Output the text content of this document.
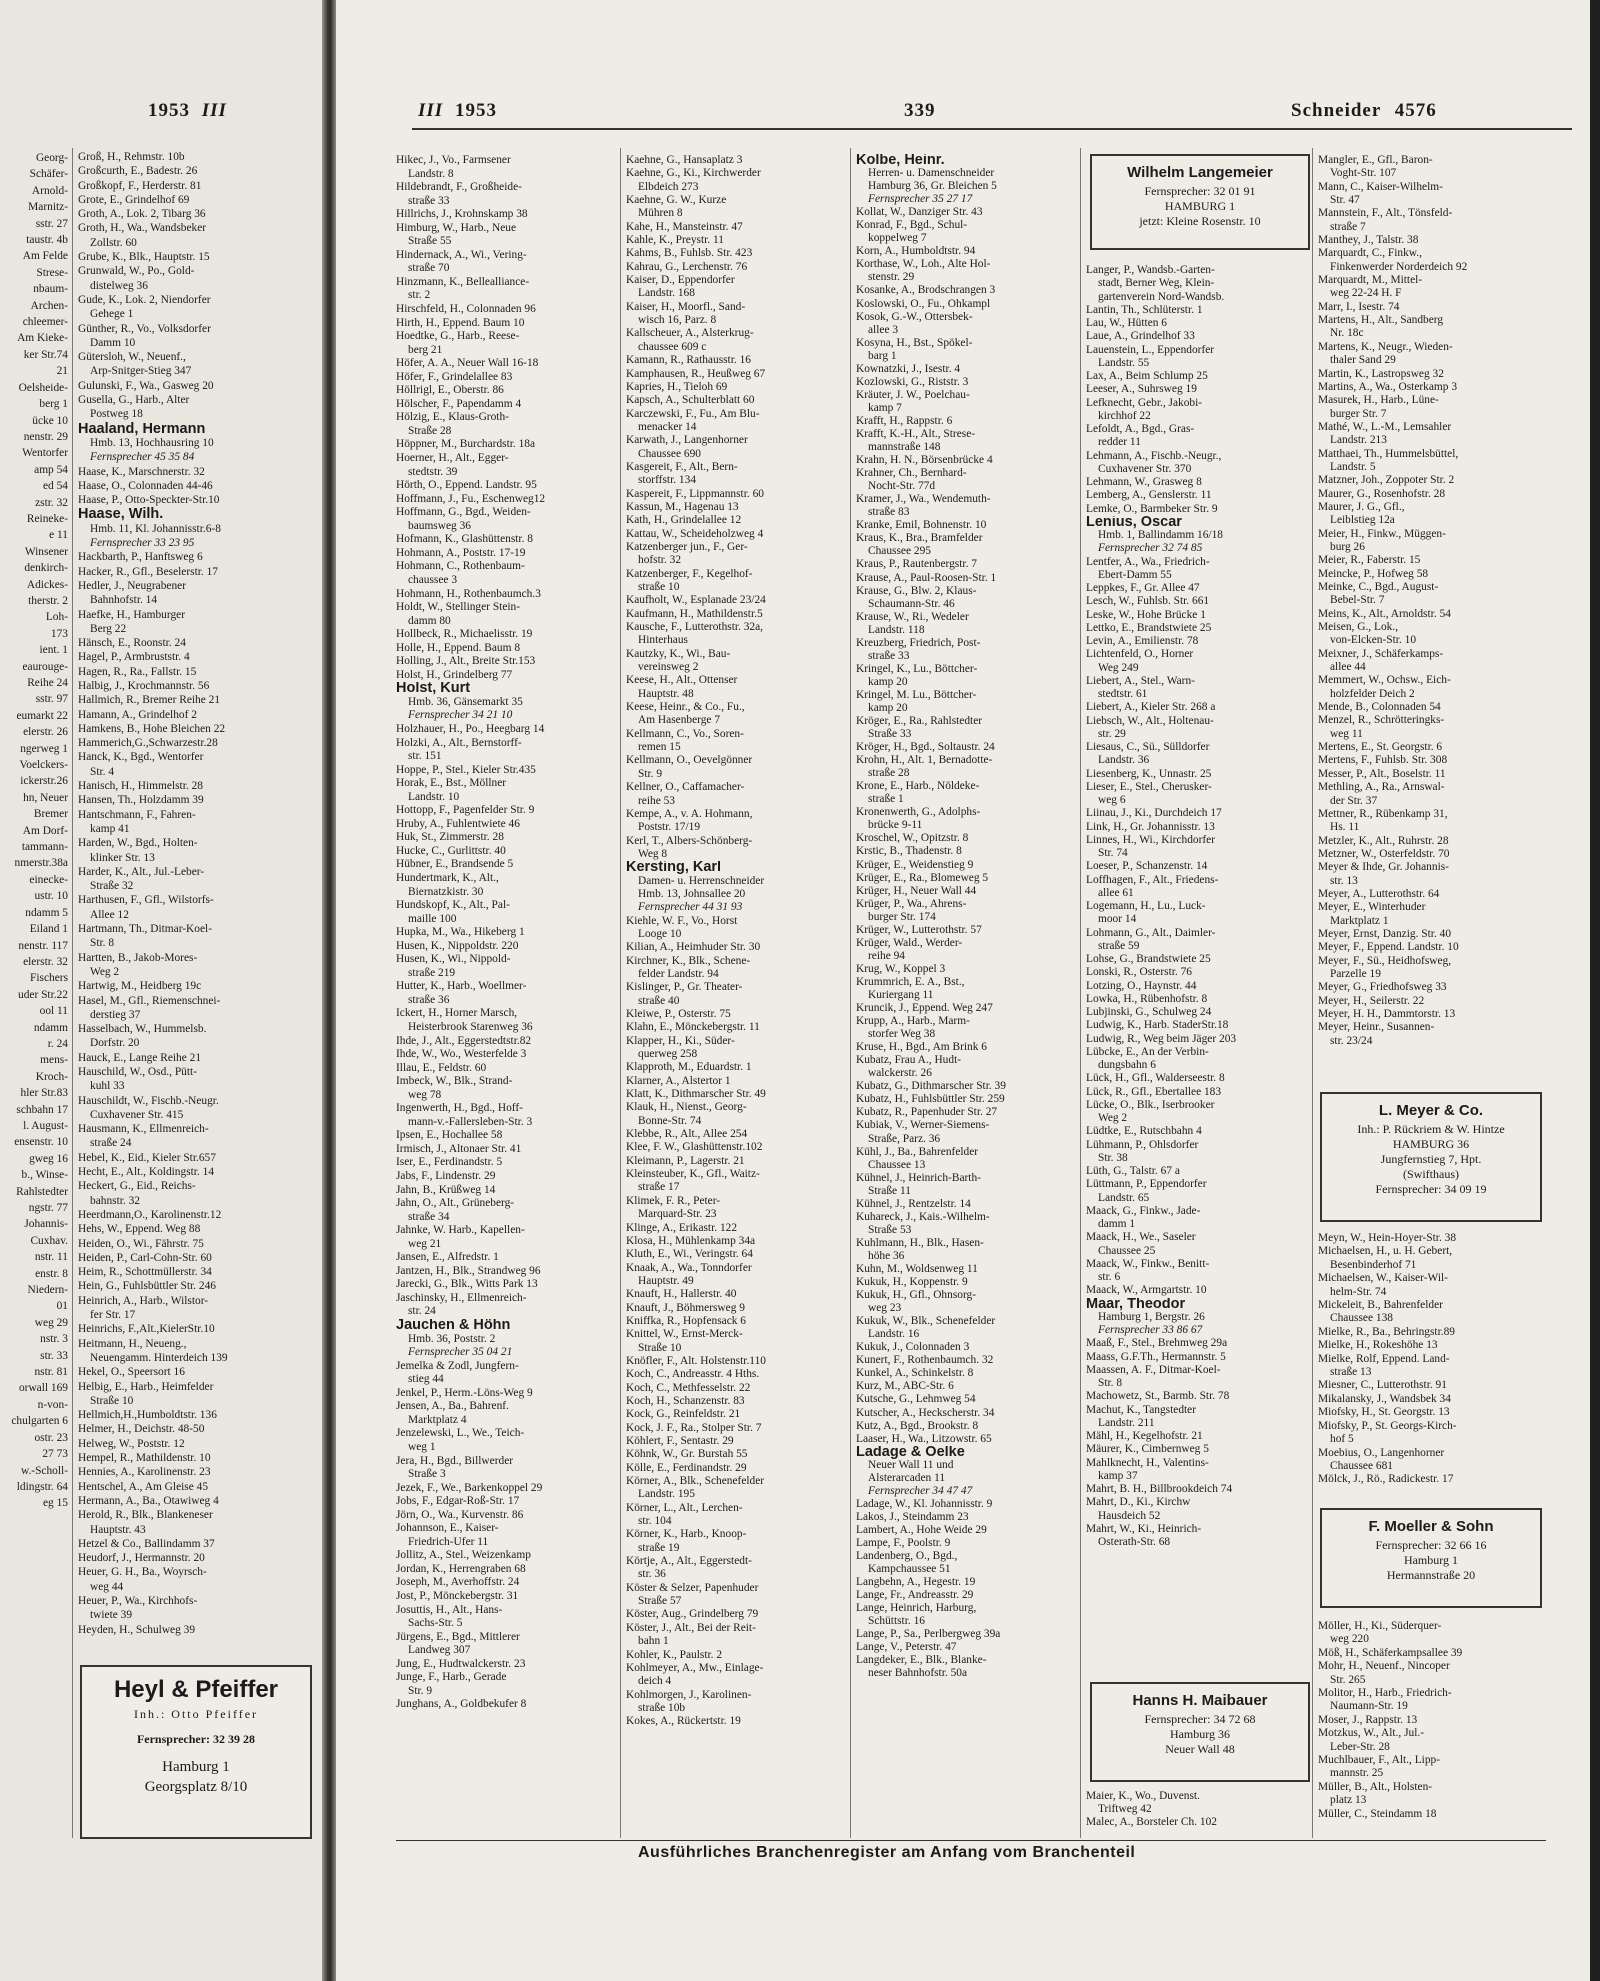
1953 III
Georg-
Schäfer-
Arnold-
Marnitz-
sstr. 27
taustr. 4b
Am Felde
Strese-
nbaum-
Archen-
chleemer-
Am Kieke-
ker Str.74
21
Oelsheide-
berg 1
ücke 10
nenstr. 29
Wentorfer
amp 54
ed 54
zstr. 32
Reineke-
e 11
Winsener
denkirch-
Adickes-
therstr. 2
Loh-
173
ient. 1
eaurouge-
Reihe 24
sstr. 97
eumarkt 22
elerstr. 26
ngerweg 1
Voelckers-
ickerstr.26
hn, Neuer
Bremer
Am Dorf-
tammann-
nmerstr.38a
einecke-
ustr. 10
ndamm 5
Eiland 1
nenstr. 117
elerstr. 32
Fischers
uder Str.22
ool 11
ndamm
r. 24
mens-
Kroch-
hler Str.83
schbahn 17
l. August-
ensenstr. 10
gweg 16
b., Winse-
Rahlstedter
ngstr. 77
Johannis-
Cuxhav.
nstr. 11
enstr. 8
Niedern-
01
weg 29
nstr. 3
str. 33
nstr. 81
orwall 169
n-von-
chulgarten 6
ostr. 23
27 73
w.-Scholl-
ldingstr. 64
eg 15
Groß, H., Rehmstr. 10b
Großcurth, E., Badestr. 26
Großkopf, F., Herderstr. 81
Grote, E., Grindelhof 69
Groth, A., Lok. 2, Tibarg 36
Groth, H., Wa., Wandsbeker
Zollstr. 60
Grube, K., Blk., Hauptstr. 15
Grunwald, W., Po., Gold-
distelweg 36
Gude, K., Lok. 2, Niendorfer
Gehege 1
Günther, R., Vo., Volksdorfer
Damm 10
Gütersloh, W., Neuenf.,
Arp-Snitger-Stieg 347
Gulunski, F., Wa., Gasweg 20
Gusella, G., Harb., Alter
Postweg 18
Haaland, Hermann
Hmb. 13, Hochhausring 10
Fernsprecher 45 35 84
Haase, K., Marschnerstr. 32
Haase, O., Colonnaden 44-46
Haase, P., Otto-Speckter-Str.10
Haase, Wilh.
Hmb. 11, Kl. Johannisstr.6-8
Fernsprecher 33 23 95
Hackbarth, P., Hanftsweg 6
Hacker, R., Gfl., Beselerstr. 17
Hedler, J., Neugrabener
Bahnhofstr. 14
Haefke, H., Hamburger
Berg 22
Hänsch, E., Roonstr. 24
Hagel, P., Armbruststr. 4
Hagen, R., Ra., Fallstr. 15
Halbig, J., Krochmannstr. 56
Hallmich, R., Bremer Reihe 21
Hamann, A., Grindelhof 2
Hamkens, B., Hohe Bleichen 22
Hammerich,G.,Schwarzestr.28
Hanck, K., Bgd., Wentorfer
Str. 4
Hanisch, H., Himmelstr. 28
Hansen, Th., Holzdamm 39
Hantschmann, F., Fahren-
kamp 41
Harden, W., Bgd., Holten-
klinker Str. 13
Harder, K., Alt., Jul.-Leber-
Straße 32
Harthusen, F., Gfl., Wilstorfs-
Allee 12
Hartmann, Th., Ditmar-Koel-
Str. 8
Hartten, B., Jakob-Mores-
Weg 2
Hartwig, M., Heidberg 19c
Hasel, M., Gfl., Riemenschnei-
derstieg 37
Hasselbach, W., Hummelsb.
Dorfstr. 20
Hauck, E., Lange Reihe 21
Hauschild, W., Osd., Pütt-
kuhl 33
Hauschildt, W., Fischb.-Neugr.
Cuxhavener Str. 415
Hausmann, K., Ellmenreich-
straße 24
Hebel, K., Eid., Kieler Str.657
Hecht, E., Alt., Koldingstr. 14
Heckert, G., Eid., Reichs-
bahnstr. 32
Heerdmann,O., Karolinenstr.12
Hehs, W., Eppend. Weg 88
Heiden, O., Wi., Fährstr. 75
Heiden, P., Carl-Cohn-Str. 60
Heim, R., Schottmüllerstr. 34
Hein, G., Fuhlsbüttler Str. 246
Heinrich, A., Harb., Wilstor-
fer Str. 17
Heinrichs, F.,Alt.,KielerStr.10
Heitmann, H., Neueng.,
Neuengamm. Hinterdeich 139
Hekel, O., Speersort 16
Helbig, E., Harb., Heimfelder
Straße 10
Hellmich,H.,Humboldtstr. 136
Helmer, H., Deichstr. 48-50
Helweg, W., Poststr. 12
Hempel, R., Mathildenstr. 10
Hennies, A., Karolinenstr. 23
Hentschel, A., Am Gleise 45
Hermann, A., Ba., Otawiweg 4
Herold, R., Blk., Blankeneser
Hauptstr. 43
Hetzel & Co., Ballindamm 37
Heudorf, J., Hermannstr. 20
Heuer, G. H., Ba., Woyrsch-
weg 44
Heuer, P., Wa., Kirchhofs-
twiete 39
Heyden, H., Schulweg 39
Heyl & Pfeiffer
Inh.: Otto Pfeiffer
Fernsprecher: 32 39 28
Hamburg 1
Georgsplatz 8/10
III 1953	339	Schneider 4576
Hikec, J., Vo., Farmsener
Landstr. 8
Hildebrandt, F., Großheide-
straße 33
Hillrichs, J., Krohnskamp 38
Himburg, W., Harb., Neue
Straße 55
Hindernack, A., Wi., Vering-
straße 70
Hinzmann, K., Bellealliance-
str. 2
Hirschfeld, H., Colonnaden 96
Hirth, H., Eppend. Baum 10
Hoedtke, G., Harb., Reese-
berg 21
Höfer, A. A., Neuer Wall 16-18
Höfer, F., Grindelallee 83
Höllrigl, E., Oberstr. 86
Hölscher, F., Papendamm 4
Hölzig, E., Klaus-Groth-
Straße 28
Höppner, M., Burchardstr. 18a
Hoerner, H., Alt., Egger-
stedtstr. 39
Hörth, O., Eppend. Landstr. 95
Hoffmann, J., Fu., Eschenweg12
Hoffmann, G., Bgd., Weiden-
baumsweg 36
Hofmann, K., Glashüttenstr. 8
Hohmann, A., Poststr. 17-19
Hohmann, C., Rothenbaum-
chaussee 3
Hohmann, H., Rothenbaumch.3
Holdt, W., Stellinger Stein-
damm 80
Hollbeck, R., Michaelisstr. 19
Holle, H., Eppend. Baum 8
Holling, J., Alt., Breite Str.153
Holst, H., Grindelberg 77
Holst, Kurt
Hmb. 36, Gänsemarkt 35
Fernsprecher 34 21 10
Holzhauer, H., Po., Heegbarg 14
Holzki, A., Alt., Bernstorff-
str. 151
Hoppe, P., Stel., Kieler Str.435
Horak, E., Bst., Möllner
Landstr. 10
Hottopp, F., Pagenfelder Str. 9
Hruby, A., Fuhlentwiete 46
Huk, St., Zimmerstr. 28
Hucke, C., Gurlittstr. 40
Hübner, E., Brandsende 5
Hundertmark, K., Alt.,
Biernatzkistr. 30
Hundskopf, K., Alt., Pal-
maille 100
Hupka, M., Wa., Hikeberg 1
Husen, K., Nippoldstr. 220
Husen, K., Wi., Nippold-
straße 219
Hutter, K., Harb., Woellmer-
straße 36
Ickert, H., Horner Marsch,
Heisterbrook Starenweg 36
Ihde, J., Alt., Eggerstedtstr.82
Ihde, W., Wo., Westerfelde 3
Illau, E., Feldstr. 60
Imbeck, W., Blk., Strand-
weg 78
Ingenwerth, H., Bgd., Hoff-
mann-v.-Fallersleben-Str. 3
Ipsen, E., Hochallee 58
Irmisch, J., Altonaer Str. 41
Iser, E., Ferdinandstr. 5
Jabs, F., Lindenstr. 29
Jahn, B., Krüßweg 14
Jahn, O., Alt., Grüneberg-
straße 34
Jahnke, W. Harb., Kapellen-
weg 21
Jansen, E., Alfredstr. 1
Jantzen, H., Blk., Strandweg 96
Jarecki, G., Blk., Witts Park 13
Jaschinsky, H., Ellmenreich-
str. 24
Jauchen & Höhn
Hmb. 36, Poststr. 2
Fernsprecher 35 04 21
Jemelka & Zodl, Jungfern-
stieg 44
Jenkel, P., Herm.-Löns-Weg 9
Jensen, A., Ba., Bahrenf.
Marktplatz 4
Jenzelewski, L., We., Teich-
weg 1
Jera, H., Bgd., Billwerder
Straße 3
Jezek, F., We., Barkenkoppel 29
Jobs, F., Edgar-Roß-Str. 17
Jörn, O., Wa., Kurvenstr. 86
Johannson, E., Kaiser-
Friedrich-Ufer 11
Jollitz, A., Stel., Weizenkamp
Jordan, K., Herrengraben 68
Joseph, M., Averhoffstr. 24
Jost, P., Mönckebergstr. 31
Josuttis, H., Alt., Hans-
Sachs-Str. 5
Jürgens, E., Bgd., Mittlerer
Landweg 307
Jung, E., Hudtwalckerstr. 23
Junge, F., Harb., Gerade
Str. 9
Junghans, A., Goldbekufer 8
Kaehne, G., Hansaplatz 3
Kaehne, G., Ki., Kirchwerder
Elbdeich 273
Kaehne, G. W., Kurze
Mühren 8
Kahe, H., Mansteinstr. 47
Kahle, K., Preystr. 11
Kahms, B., Fuhlsb. Str. 423
Kahrau, G., Lerchenstr. 76
Kaiser, D., Eppendorfer
Landstr. 168
Kaiser, H., Moorfl., Sand-
wisch 16, Parz. 8
Kallscheuer, A., Alsterkrug-
chaussee 609 c
Kamann, R., Rathausstr. 16
Kamphausen, R., Heußweg 67
Kapries, H., Tieloh 69
Kapsch, A., Schulterblatt 60
Karczewski, F., Fu., Am Blu-
menacker 14
Karwath, J., Langenhorner
Chaussee 690
Kasgereit, F., Alt., Bern-
storffstr. 134
Kaspereit, F., Lippmannstr. 60
Kassun, M., Hagenau 13
Kath, H., Grindelallee 12
Kattau, W., Scheideholzweg 4
Katzenberger jun., F., Ger-
hofstr. 32
Katzenberger, F., Kegelhof-
straße 10
Kaufholt, W., Esplanade 23/24
Kaufmann, H., Mathildenstr.5
Kausche, F., Lutterothstr. 32a,
Hinterhaus
Kautzky, K., Wi., Bau-
vereinsweg 2
Keese, H., Alt., Ottenser
Hauptstr. 48
Keese, Heinr., & Co., Fu.,
Am Hasenberge 7
Kellmann, C., Vo., Soren-
remen 15
Kellmann, O., Oevelgönner
Str. 9
Kellner, O., Caffamacher-
reihe 53
Kempe, A., v. A. Hohmann,
Poststr. 17/19
Kerl, T., Albers-Schönberg-
Weg 8
Kersting, Karl
Damen- u. Herrenschneider
Hmb. 13, Johnsallee 20
Fernsprecher 44 31 93
Kiehle, W. F., Vo., Horst
Looge 10
Kilian, A., Heimhuder Str. 30
Kirchner, K., Blk., Schene-
felder Landstr. 94
Kislinger, P., Gr. Theater-
straße 40
Kleiwe, P., Osterstr. 75
Klahn, E., Mönckebergstr. 11
Klapper, H., Ki., Süder-
querweg 258
Klapproth, M., Eduardstr. 1
Klarner, A., Alstertor 1
Klatt, K., Dithmarscher Str. 49
Klauk, H., Nienst., Georg-
Bonne-Str. 74
Klebbe, R., Alt., Allee 254
Klee, F. W., Glashüttenstr.102
Kleimann, P., Lagerstr. 21
Kleinsteuber, K., Gfl., Waitz-
straße 17
Klimek, F. R., Peter-
Marquard-Str. 23
Klinge, A., Erikastr. 122
Klosa, H., Mühlenkamp 34a
Kluth, E., Wi., Veringstr. 64
Knaak, A., Wa., Tonndorfer
Hauptstr. 49
Knauft, H., Hallerstr. 40
Knauft, J., Böhmersweg 9
Kniffka, R., Hopfensack 6
Knittel, W., Ernst-Merck-
Straße 10
Knöfler, F., Alt. Holstenstr.110
Koch, C., Andreasstr. 4 Hths.
Koch, C., Methfesselstr. 22
Koch, H., Schanzenstr. 83
Kock, G., Reinfeldstr. 21
Kock, J. F., Ra., Stolper Str. 7
Köhlert, F., Sentastr. 29
Köhnk, W., Gr. Burstah 55
Kölle, E., Ferdinandstr. 29
Körner, A., Blk., Schenefelder
Landstr. 195
Körner, L., Alt., Lerchen-
str. 104
Körner, K., Harb., Knoop-
straße 19
Körtje, A., Alt., Eggerstedt-
str. 36
Köster & Selzer, Papenhuder
Straße 57
Köster, Aug., Grindelberg 79
Köster, J., Alt., Bei der Reit-
bahn 1
Kohler, K., Paulstr. 2
Kohlmeyer, A., Mw., Einlage-
deich 4
Kohlmorgen, J., Karolinen-
straße 10b
Kokes, A., Rückertstr. 19
Kolbe, Heinr.
Herren- u. Damenschneider
Hamburg 36, Gr. Bleichen 5
Fernsprecher 35 27 17
Kollat, W., Danziger Str. 43
Konrad, F., Bgd., Schul-
koppelweg 7
Korn, A., Humboldtstr. 94
Korthase, W., Loh., Alte Hol-
stenstr. 29
Kosanke, A., Brodschrangen 3
Koslowski, O., Fu., Ohkampl
Kosok, G.-W., Ottersbek-
allee 3
Kosyna, H., Bst., Spökel-
barg 1
Kownatzki, J., Isestr. 4
Kozlowski, G., Riststr. 3
Kräuter, J. W., Poelchau-
kamp 7
Krafft, H., Rappstr. 6
Krafft, K.-H., Alt., Strese-
mannstraße 148
Krahn, H. N., Börsenbrücke 4
Krahner, Ch., Bernhard-
Nocht-Str. 77d
Kramer, J., Wa., Wendemuth-
straße 83
Kranke, Emil, Bohnenstr. 10
Kraus, K., Bra., Bramfelder
Chaussee 295
Kraus, P., Rautenbergstr. 7
Krause, A., Paul-Roosen-Str. 1
Krause, G., Blw. 2, Klaus-
Schaumann-Str. 46
Krause, W., Ri., Wedeler
Landstr. 118
Kreuzberg, Friedrich, Post-
straße 33
Kringel, K., Lu., Böttcher-
kamp 20
Kringel, M. Lu., Böttcher-
kamp 20
Kröger, E., Ra., Rahlstedter
Straße 33
Kröger, H., Bgd., Soltaustr. 24
Krohn, H., Alt. 1, Bernadotte-
straße 28
Krone, E., Harb., Nöldeke-
straße 1
Kronenwerth, G., Adolphs-
brücke 9-11
Kroschel, W., Opitzstr. 8
Krstic, B., Thadenstr. 8
Krüger, E., Weidenstieg 9
Krüger, E., Ra., Blomeweg 5
Krüger, H., Neuer Wall 44
Krüger, P., Wa., Ahrens-
burger Str. 174
Krüger, W., Lutterothstr. 57
Krüger, Wald., Werder-
reihe 94
Krug, W., Koppel 3
Krummrich, E. A., Bst.,
Kuriergang 11
Kruncik, J., Eppend. Weg 247
Krupp, A., Harb., Marm-
storfer Weg 38
Kruse, H., Bgd., Am Brink 6
Kubatz, Frau A., Hudt-
walckerstr. 26
Kubatz, G., Dithmarscher Str. 39
Kubatz, H., Fuhlsbüttler Str. 259
Kubatz, R., Papenhuder Str. 27
Kubiak, V., Werner-Siemens-
Straße, Parz. 36
Kühl, J., Ba., Bahrenfelder
Chaussee 13
Kühnel, J., Heinrich-Barth-
Straße 11
Kühnel, J., Rentzelstr. 14
Kuhareck, J., Kais.-Wilhelm-
Straße 53
Kuhlmann, H., Blk., Hasen-
höhe 36
Kuhn, M., Woldsenweg 11
Kukuk, H., Koppenstr. 9
Kukuk, H., Gfl., Ohnsorg-
weg 23
Kukuk, W., Blk., Schenefelder
Landstr. 16
Kukuk, J., Colonnaden 3
Kunert, F., Rothenbaumch. 32
Kunkel, A., Schinkelstr. 8
Kurz, M., ABC-Str. 6
Kutsche, G., Lehmweg 54
Kutscher, A., Heckscherstr. 34
Kutz, A., Bgd., Brookstr. 8
Laaser, H., Wa., Litzowstr. 65
Ladage & Oelke
Neuer Wall 11 und
Alsterarcaden 11
Fernsprecher 34 47 47
Ladage, W., Kl. Johannisstr. 9
Lakos, J., Steindamm 23
Lambert, A., Hohe Weide 29
Lampe, F., Poolstr. 9
Landenberg, O., Bgd.,
Kampchaussee 51
Langbehn, A., Hegestr. 19
Lange, Fr., Andreasstr. 29
Lange, Heinrich, Harburg,
Schüttstr. 16
Lange, P., Sa., Perlbergweg 39a
Lange, V., Peterstr. 47
Langdeker, E., Blk., Blanke-
neser Bahnhofstr. 50a
Wilhelm Langemeier
Fernsprecher: 32 01 91
HAMBURG 1
jetzt: Kleine Rosenstr. 10
Langer, P., Wandsb.-Garten-
stadt, Berner Weg, Klein-
gartenverein Nord-Wandsb.
Lantin, Th., Schlüterstr. 1
Lau, W., Hütten 6
Laue, A., Grindelhof 33
Lauenstein, L., Eppendorfer
Landstr. 55
Lax, A., Beim Schlump 25
Leeser, A., Suhrsweg 19
Lefknecht, Gebr., Jakobi-
kirchhof 22
Lefoldt, A., Bgd., Gras-
redder 11
Lehmann, A., Fischb.-Neugr.,
Cuxhavener Str. 370
Lehmann, W., Grasweg 8
Lemberg, A., Genslerstr. 11
Lemke, O., Barmbeker Str. 9
Lenius, Oscar
Hmb. 1, Ballindamm 16/18
Fernsprecher 32 74 85
Lentfer, A., Wa., Friedrich-
Ebert-Damm 55
Leppkes, F., Gr. Allee 47
Lesch, W., Fuhlsb. Str. 661
Leske, W., Hohe Brücke 1
Lettko, E., Brandstwiete 25
Levin, A., Emilienstr. 78
Lichtenfeld, O., Horner
Weg 249
Liebert, A., Stel., Warn-
stedtstr. 61
Liebert, A., Kieler Str. 268 a
Liebsch, W., Alt., Holtenau-
str. 29
Liesaus, C., Sü., Sülldorfer
Landstr. 36
Liesenberg, K., Unnastr. 25
Lieser, E., Stel., Cherusker-
weg 6
Liinau, J., Ki., Durchdeich 17
Link, H., Gr. Johannisstr. 13
Linnes, H., Wi., Kirchdorfer
Str. 74
Loeser, P., Schanzenstr. 14
Loffhagen, F., Alt., Friedens-
allee 61
Logemann, H., Lu., Luck-
moor 14
Lohmann, G., Alt., Daimler-
straße 59
Lohse, G., Brandstwiete 25
Lonski, R., Osterstr. 76
Lotzing, O., Haynstr. 44
Lowka, H., Rübenhofstr. 8
Lubjinski, G., Schulweg 24
Ludwig, K., Harb. StaderStr.18
Ludwig, R., Weg beim Jäger 203
Lübcke, E., An der Verbin-
dungsbahn 6
Lück, H., Gfl., Walderseestr. 8
Lück, R., Gfl., Ebertallee 183
Lücke, O., Blk., Iserbrooker
Weg 2
Lüdtke, E., Rutschbahn 4
Lühmann, P., Ohlsdorfer
Str. 38
Lüth, G., Talstr. 67 a
Lüttmann, P., Eppendorfer
Landstr. 65
Maack, G., Finkw., Jade-
damm 1
Maack, H., We., Saseler
Chaussee 25
Maack, W., Finkw., Benitt-
str. 6
Maack, W., Armgartstr. 10
Maar, Theodor
Hamburg 1, Bergstr. 26
Fernsprecher 33 86 67
Maaß, F., Stel., Brehmweg 29a
Maass, G.F.Th., Hermannstr. 5
Maassen, A. F., Ditmar-Koel-
Str. 8
Machowetz, St., Barmb. Str. 78
Machut, K., Tangstedter
Landstr. 211
Mähl, H., Kegelhofstr. 21
Mäurer, K., Cimbernweg 5
Mahlknecht, H., Valentins-
kamp 37
Mahrt, B. H., Billbrookdeich 74
Mahrt, D., Ki., Kirchw
Hausdeich 52
Mahrt, W., Ki., Heinrich-
Osterath-Str. 68
Hanns H. Maibauer
Fernsprecher: 34 72 68
Hamburg 36
Neuer Wall 48
Maier, K., Wo., Duvenst.
Triftweg 42
Malec, A., Borsteler Ch. 102
Mangler, E., Gfl., Baron-
Voght-Str. 107
Mann, C., Kaiser-Wilhelm-
Str. 47
Mannstein, F., Alt., Tönsfeld-
straße 7
Manthey, J., Talstr. 38
Marquardt, C., Finkw.,
Finkenwerder Norderdeich 92
Marquardt, M., Mittel-
weg 22-24 H. F
Marr, I., Isestr. 74
Martens, H., Alt., Sandberg
Nr. 18c
Martens, K., Neugr., Wieden-
thaler Sand 29
Martin, K., Lastropsweg 32
Martins, A., Wa., Osterkamp 3
Masurek, H., Harb., Lüne-
burger Str. 7
Mathé, W., L.-M., Lemsahler
Landstr. 213
Matthaei, Th., Hummelsbüttel,
Landstr. 5
Matzner, Joh., Zoppoter Str. 2
Maurer, G., Rosenhofstr. 28
Maurer, J. G., Gfl.,
Leiblstieg 12a
Meier, H., Finkw., Müggen-
burg 26
Meier, R., Faberstr. 15
Meincke, P., Hofweg 58
Meinke, C., Bgd., August-
Bebel-Str. 7
Meins, K., Alt., Arnoldstr. 54
Meisen, G., Lok.,
von-Elcken-Str. 10
Meixner, J., Schäferkamps-
allee 44
Memmert, W., Ochsw., Eich-
holzfelder Deich 2
Mende, B., Colonnaden 54
Menzel, R., Schrötteringks-
weg 11
Mertens, E., St. Georgstr. 6
Mertens, F., Fuhlsb. Str. 308
Messer, P., Alt., Boselstr. 11
Methling, A., Ra., Arnswal-
der Str. 37
Mettner, R., Rübenkamp 31,
Hs. 11
Metzler, K., Alt., Ruhrstr. 28
Metzner, W., Osterfeldstr. 70
Meyer & Ihde, Gr. Johannis-
str. 13
Meyer, A., Lutterothstr. 64
Meyer, E., Winterhuder
Marktplatz 1
Meyer, Ernst, Danzig. Str. 40
Meyer, F., Eppend. Landstr. 10
Meyer, F., Sü., Heidhofsweg,
Parzelle 19
Meyer, G., Friedhofsweg 33
Meyer, H., Seilerstr. 22
Meyer, H. H., Dammtorstr. 13
Meyer, Heinr., Susannen-
str. 23/24
L. Meyer & Co.
Inh.: P. Rückriem & W. Hintze
HAMBURG 36
Jungfernstieg 7, Hpt.
(Swifthaus)
Fernsprecher: 34 09 19
Meyn, W., Hein-Hoyer-Str. 38
Michaelsen, H., u. H. Gebert,
Besenbinderhof 71
Michaelsen, W., Kaiser-Wil-
helm-Str. 74
Mickeleit, B., Bahrenfelder
Chaussee 138
Mielke, R., Ba., Behringstr.89
Mielke, H., Rokeshöhe 13
Mielke, Rolf, Eppend. Land-
straße 13
Miesner, C., Lutterothstr. 91
Mikalansky, J., Wandsbek 34
Miofsky, H., St. Georgstr. 13
Miofsky, P., St. Georgs-Kirch-
hof 5
Moebius, O., Langenhorner
Chaussee 681
Mölck, J., Rö., Radickestr. 17
F. Moeller & Sohn
Fernsprecher: 32 66 16
Hamburg 1
Hermannstraße 20
Möller, H., Ki., Süderquer-
weg 220
Möß, H., Schäferkampsallee 39
Mohr, H., Neuenf., Nincoper
Str. 265
Molitor, H., Harb., Friedrich-
Naumann-Str. 19
Moser, J., Rappstr. 13
Motzkus, W., Alt., Jul.-
Leber-Str. 28
Muchlbauer, F., Alt., Lipp-
mannstr. 25
Müller, B., Alt., Holsten-
platz 13
Müller, C., Steindamm 18
Ausführliches Branchenregister am Anfang vom Branchenteil
